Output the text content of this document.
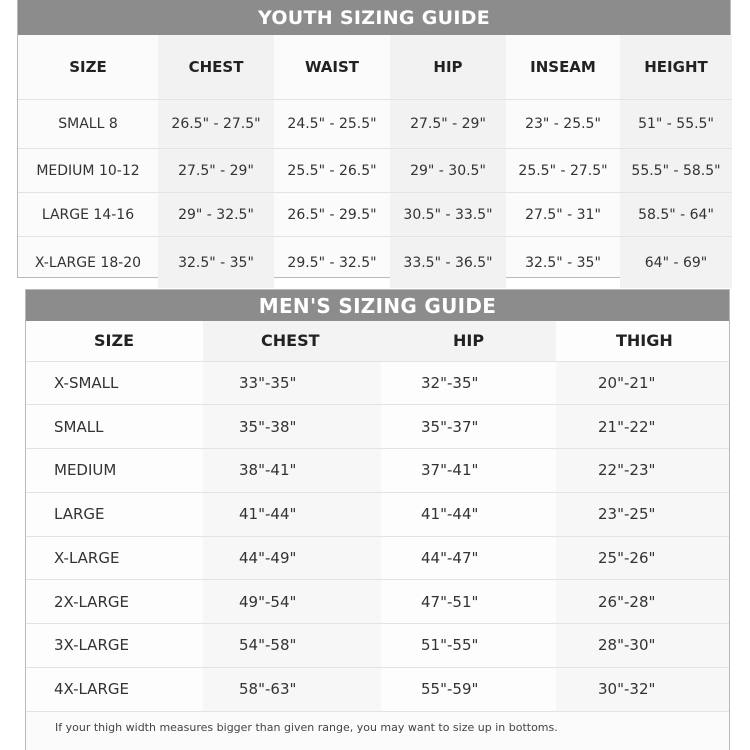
YOUTH SIZING GUIDE
SIZE	CHEST	WAIST	HIP	INSEAM	HEIGHT
SMALL 8	26.5" - 27.5"	24.5" - 25.5"	27.5" - 29"	23" - 25.5"	51" - 55.5"
MEDIUM 10-12	27.5" - 29"	25.5" - 26.5"	29" - 30.5"	25.5" - 27.5"	55.5" - 58.5"
LARGE 14-16	29" - 32.5"	26.5" - 29.5"	30.5" - 33.5"	27.5" - 31"	58.5" - 64"
X-LARGE 18-20	32.5" - 35"	29.5" - 32.5"	33.5" - 36.5"	32.5" - 35"	64" - 69"
MEN'S SIZING GUIDE
SIZE	CHEST	HIP	THIGH
X-SMALL	33"-35"	32"-35"	20"-21"
SMALL	35"-38"	35"-37"	21"-22"
MEDIUM	38"-41"	37"-41"	22"-23"
LARGE	41"-44"	41"-44"	23"-25"
X-LARGE	44"-49"	44"-47"	25"-26"
2X-LARGE	49"-54"	47"-51"	26"-28"
3X-LARGE	54"-58"	51"-55"	28"-30"
4X-LARGE	58"-63"	55"-59"	30"-32"
If your thigh width measures bigger than given range, you may want to size up in bottoms.
